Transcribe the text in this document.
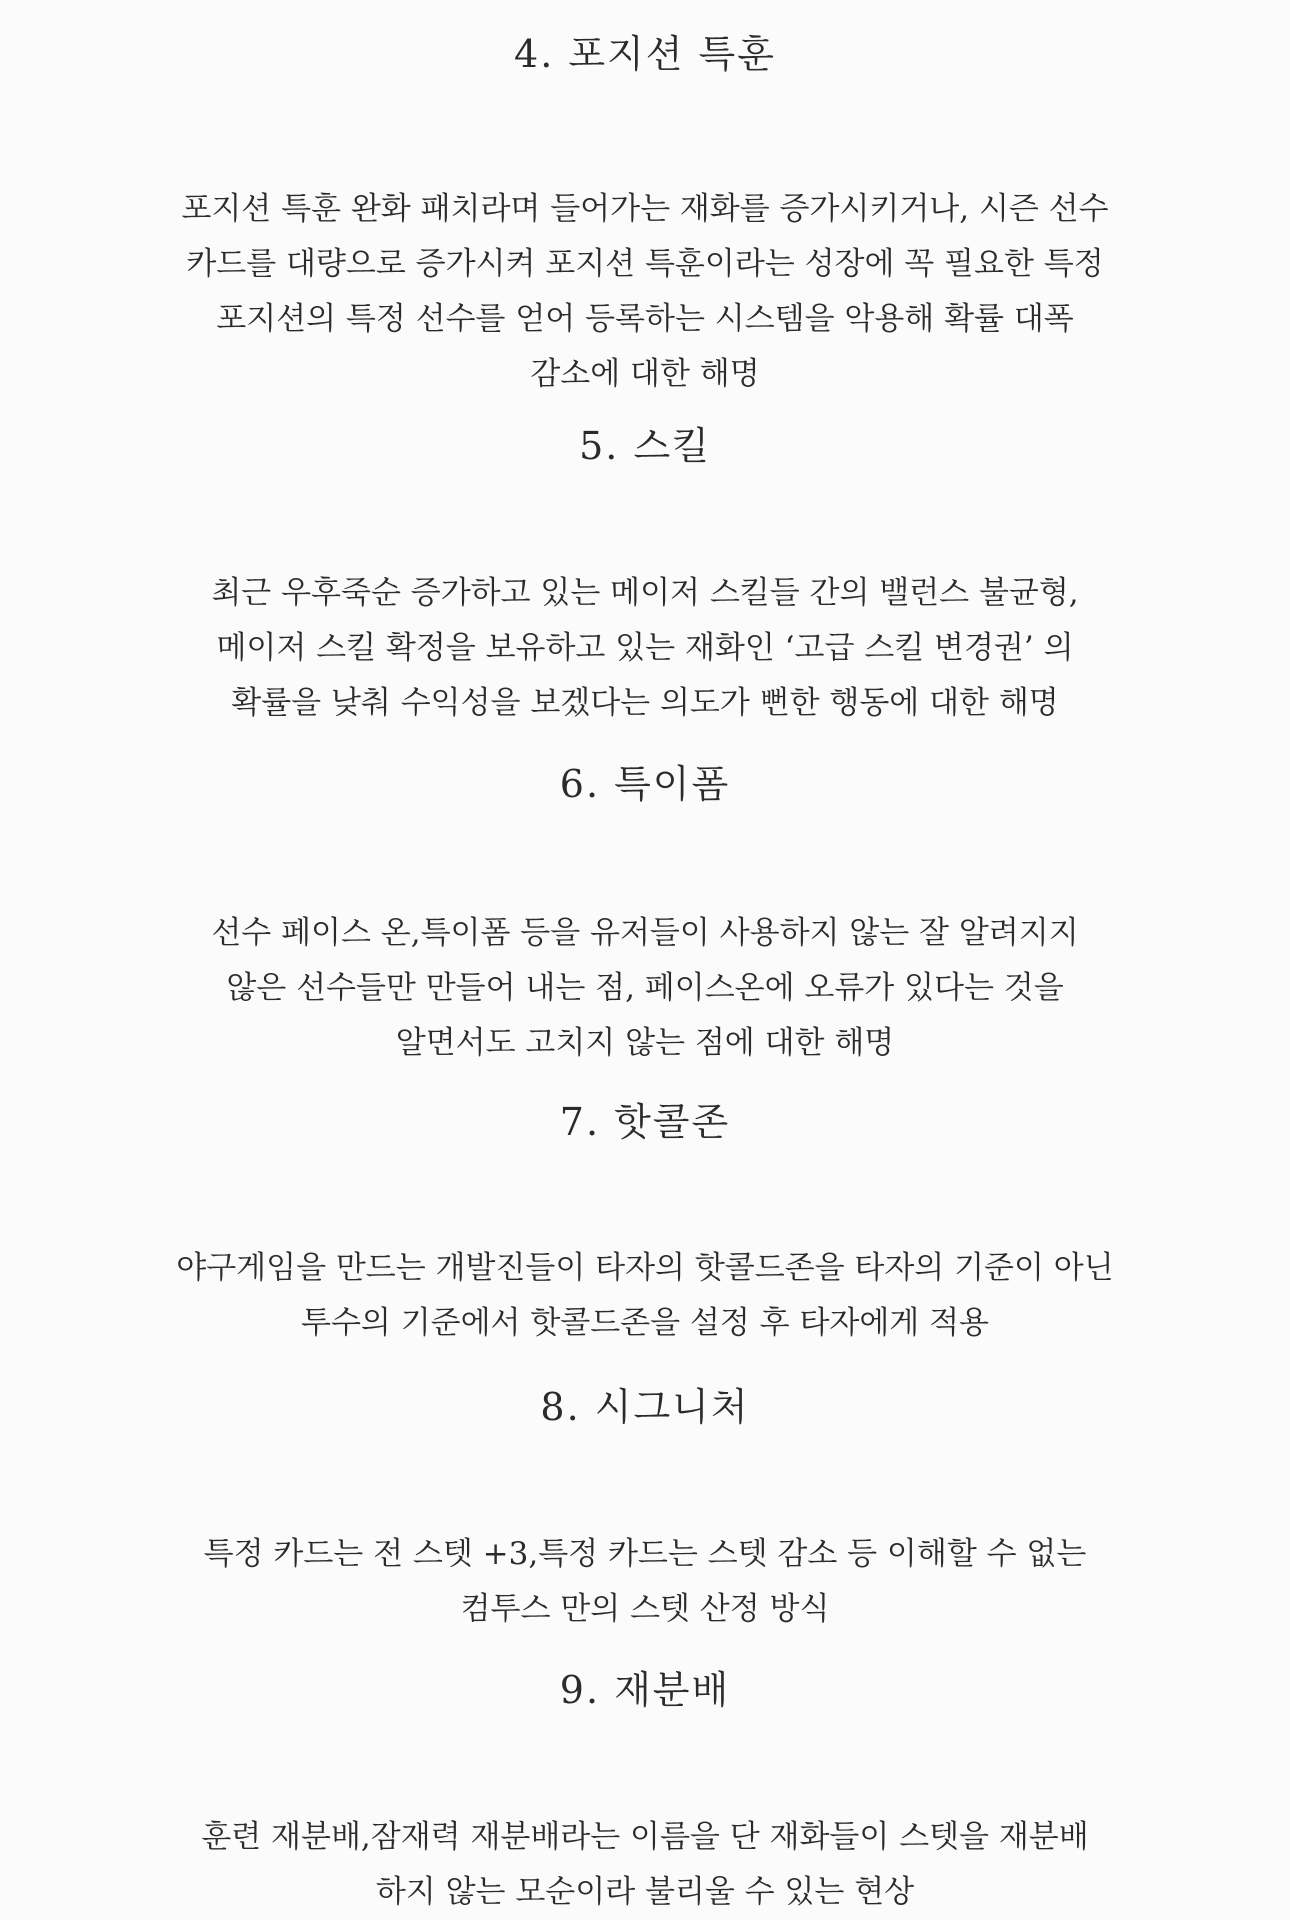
4. 포지션 특훈

포지션 특훈 완화 패치라며 들어가는 재화를 증가시키거나, 시즌 선수
카드를 대량으로 증가시켜 포지션 특훈이라는 성장에 꼭 필요한 특정
포지션의 특정 선수를 얻어 등록하는 시스템을 악용해 확률 대폭
감소에 대한 해명

5. 스킬

최근 우후죽순 증가하고 있는 메이저 스킬들 간의 밸런스 불균형,
메이저 스킬 확정을 보유하고 있는 재화인 ‘고급 스킬 변경권’ 의
확률을 낮춰 수익성을 보겠다는 의도가 뻔한 행동에 대한 해명

6. 특이폼

선수 페이스 온,특이폼 등을 유저들이 사용하지 않는 잘 알려지지
않은 선수들만 만들어 내는 점, 페이스온에 오류가 있다는 것을
알면서도 고치지 않는 점에 대한 해명

7. 핫콜존

야구게임을 만드는 개발진들이 타자의 핫콜드존을 타자의 기준이 아닌
투수의 기준에서 핫콜드존을 설정 후 타자에게 적용

8. 시그니처

특정 카드는 전 스텟 +3,특정 카드는 스텟 감소 등 이해할 수 없는
컴투스 만의 스텟 산정 방식

9. 재분배

훈련 재분배,잠재력 재분배라는 이름을 단 재화들이 스텟을 재분배
하지 않는 모순이라 불리울 수 있는 현상
